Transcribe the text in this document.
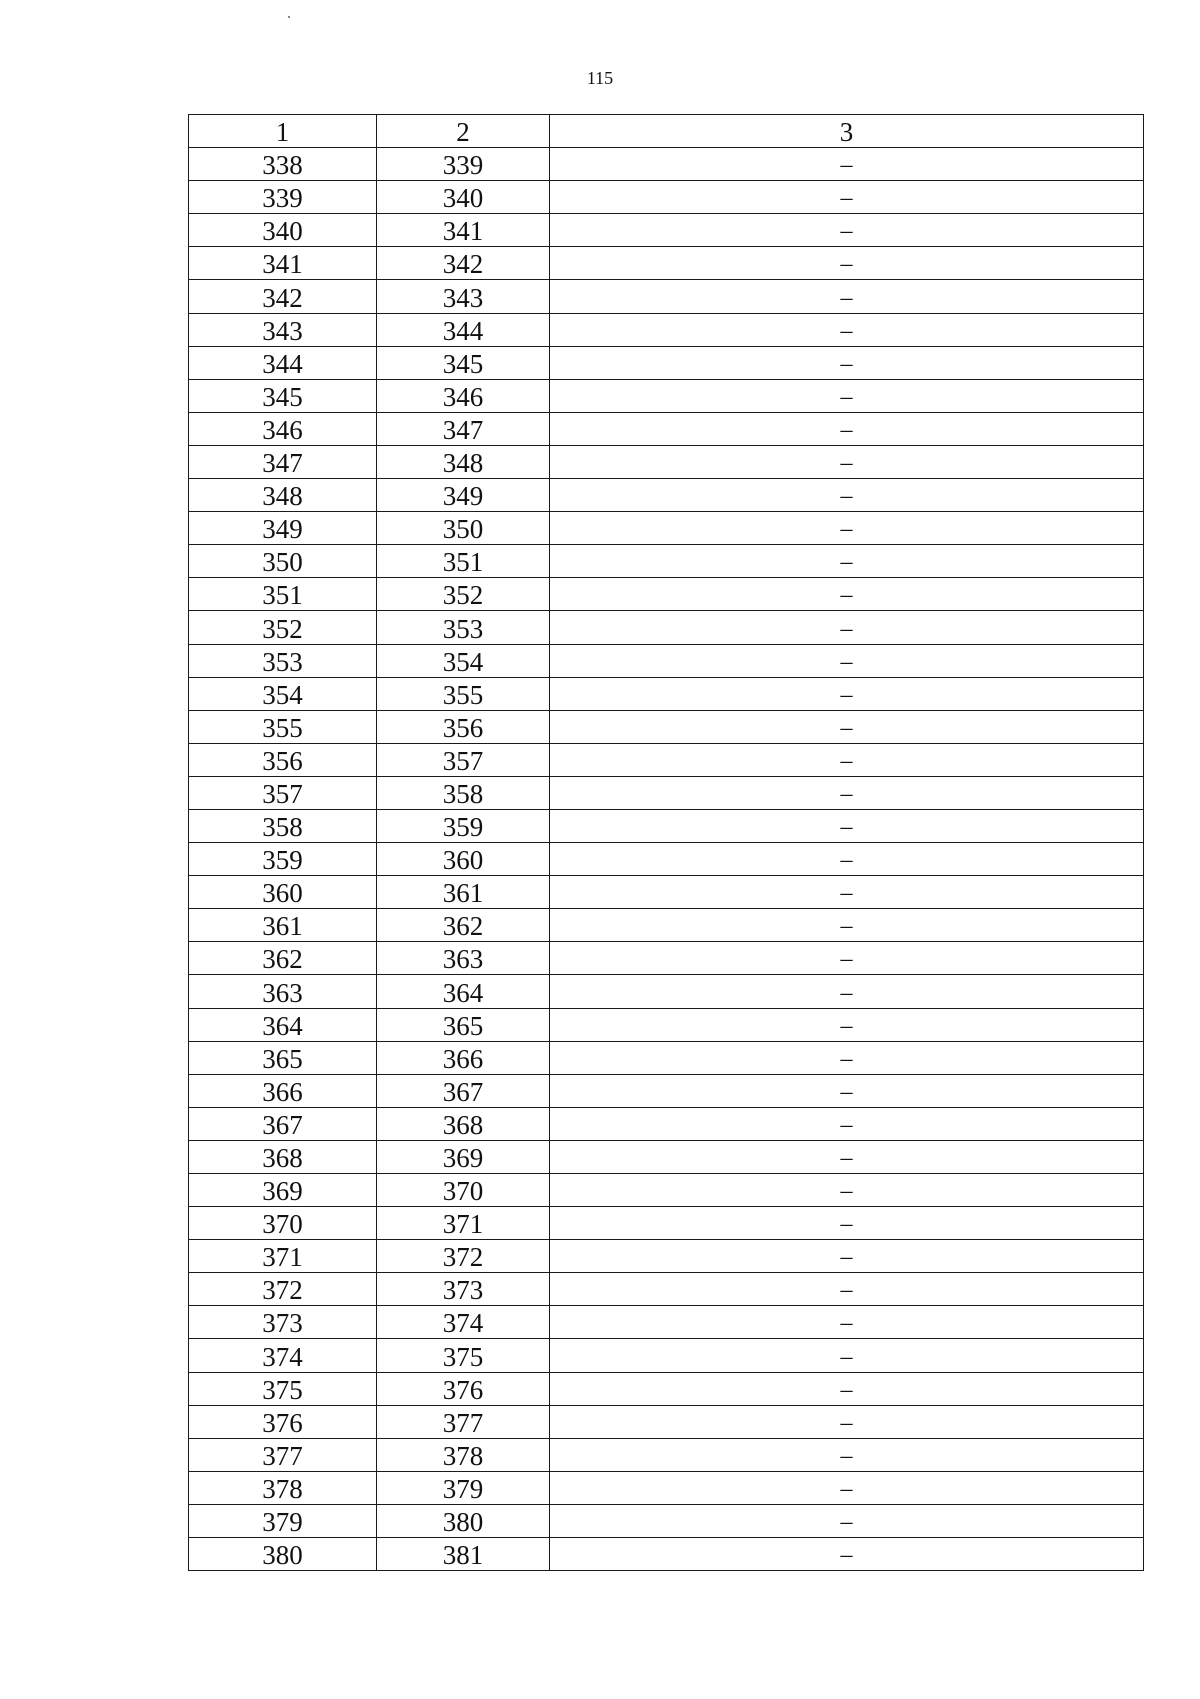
115
1	2	3
338	339	–
339	340	–
340	341	–
341	342	–
342	343	–
343	344	–
344	345	–
345	346	–
346	347	–
347	348	–
348	349	–
349	350	–
350	351	–
351	352	–
352	353	–
353	354	–
354	355	–
355	356	–
356	357	–
357	358	–
358	359	–
359	360	–
360	361	–
361	362	–
362	363	–
363	364	–
364	365	–
365	366	–
366	367	–
367	368	–
368	369	–
369	370	–
370	371	–
371	372	–
372	373	–
373	374	–
374	375	–
375	376	–
376	377	–
377	378	–
378	379	–
379	380	–
380	381	–
